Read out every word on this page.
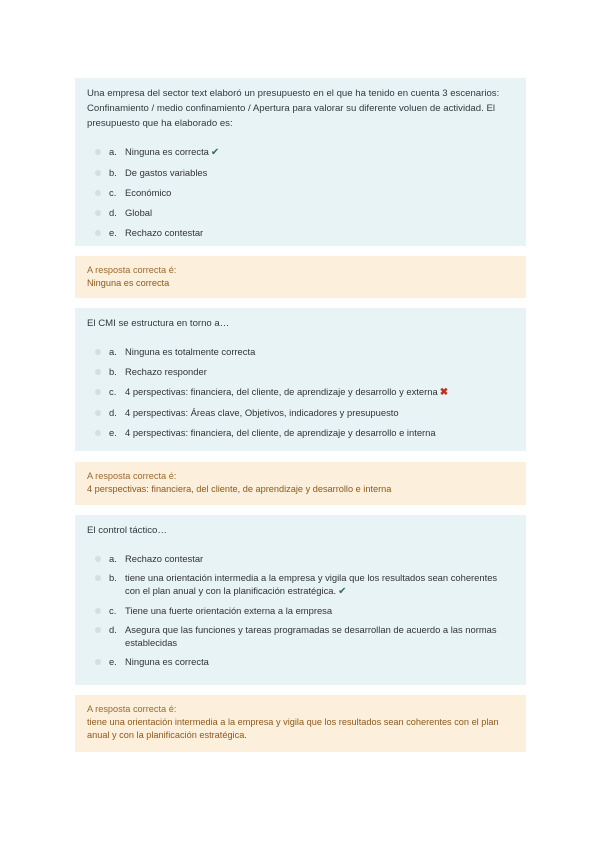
Una empresa del sector text elaboró un presupuesto en el que ha tenido en cuenta 3 escenarios: Confinamiento / medio confinamiento / Apertura para valorar su diferente voluen de actividad. El presupuesto que ha elaborado es:

a. Ninguna es correcta ✔
b. De gastos variables
c. Económico
d. Global
e. Rechazo contestar
A resposta correcta é:
Ninguna es correcta

El CMI se estructura en torno a…

a. Ninguna es totalmente correcta
b. Rechazo responder
c. 4 perspectivas: financiera, del cliente, de aprendizaje y desarrollo y externa ✖
d. 4 perspectivas: Áreas clave, Objetivos, indicadores y presupuesto
e. 4 perspectivas: financiera, del cliente, de aprendizaje y desarrollo e interna
A resposta correcta é:
4 perspectivas: financiera, del cliente, de aprendizaje y desarrollo e interna

El control táctico…

a. Rechazo contestar
b. tiene una orientación intermedia a la empresa y vigila que los resultados sean coherentes con el plan anual y con la planificación estratégica. ✔
c. Tiene una fuerte orientación externa a la empresa
d. Asegura que las funciones y tareas programadas se desarrollan de acuerdo a las normas establecidas
e. Ninguna es correcta
A resposta correcta é:
tiene una orientación intermedia a la empresa y vigila que los resultados sean coherentes con el plan anual y con la planificación estratégica.
